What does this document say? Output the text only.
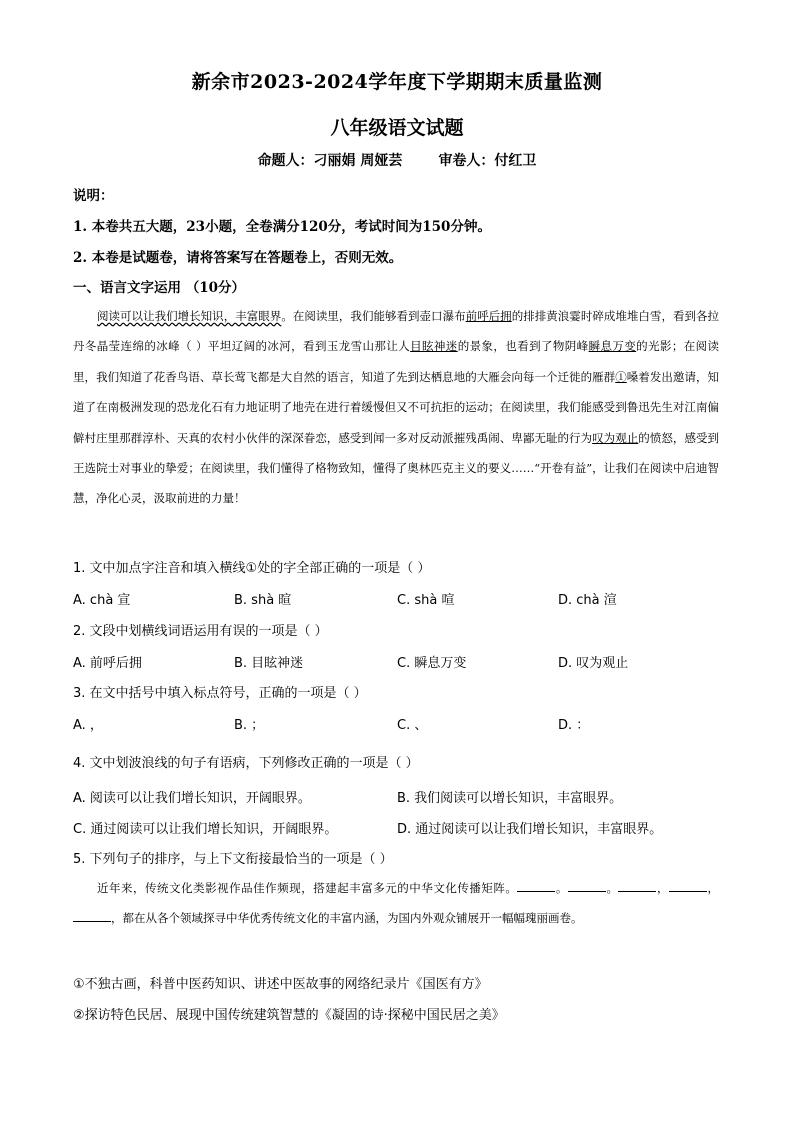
新余市2023-2024学年度下学期期末质量监测
八年级语文试题
命题人：刁丽娟 周娅芸	审卷人：付红卫
说明：
1. 本卷共五大题，23小题，全卷满分120分，考试时间为150分钟。
2. 本卷是试题卷，请将答案写在答题卷上，否则无效。
一、语言文字运用 （10分）
阅读可以让我们增长知识，丰富眼界。在阅读里，我们能够看到壶口瀑布前呼后拥的排排黄浪霎时碎成堆堆白雪，看到各拉丹冬晶莹连绵的冰峰（ ）平坦辽阔的冰河，看到玉龙雪山那让人目眩神迷的景象，也看到了物阴峰瞬息万变的光影；在阅读里，我们知道了花香鸟语、草长莺飞都是大自然的语言，知道了先到达栖息地的大雁会向每一个迁徙的雁群①嗓着发出邀请，知道了在南极洲发现的恐龙化石有力地证明了地壳在进行着缓慢但又不可抗拒的运动；在阅读里，我们能感受到鲁迅先生对江南偏僻村庄里那群淳朴、天真的农村小伙伴的深深眷恋，感受到闻一多对反动派摧残禹闹、卑鄙无耻的行为叹为观止的愤怒，感受到王选院士对事业的挚爱；在阅读里，我们懂得了格物致知，懂得了奥林匹克主义的要义……“开卷有益”，让我们在阅读中启迪智慧，净化心灵，汲取前进的力量！
1. 文中加点字注音和填入横线①处的字全部正确的一项是（ ）
A. chà 宣	B. shà 暄	C. shà 喧	D. chà 渲
2. 文段中划横线词语运用有误的一项是（ ）
A. 前呼后拥	B. 目眩神迷	C. 瞬息万变	D. 叹为观止
3. 在文中括号中填入标点符号，正确的一项是（ ）
A. ，	B. ；	C. 、	D. ：
4. 文中划波浪线的句子有语病，下列修改正确的一项是（ ）
A. 阅读可以让我们增长知识，开阔眼界。	B. 我们阅读可以增长知识，丰富眼界。
C. 通过阅读可以让我们增长知识，开阔眼界。	D. 通过阅读可以让我们增长知识，丰富眼界。
5. 下列句子的排序，与上下文衔接最恰当的一项是（ ）
近年来，传统文化类影视作品佳作频现，搭建起丰富多元的中华文化传播矩阵。	。	。	，	，，都在从各个领域探寻中华优秀传统文化的丰富内涵，为国内外观众铺展开一幅幅瑰丽画卷。
①不独古画，科普中医药知识、讲述中医故事的网络纪录片《国医有方》
②探访特色民居、展现中国传统建筑智慧的《凝固的诗·探秘中国民居之美》
